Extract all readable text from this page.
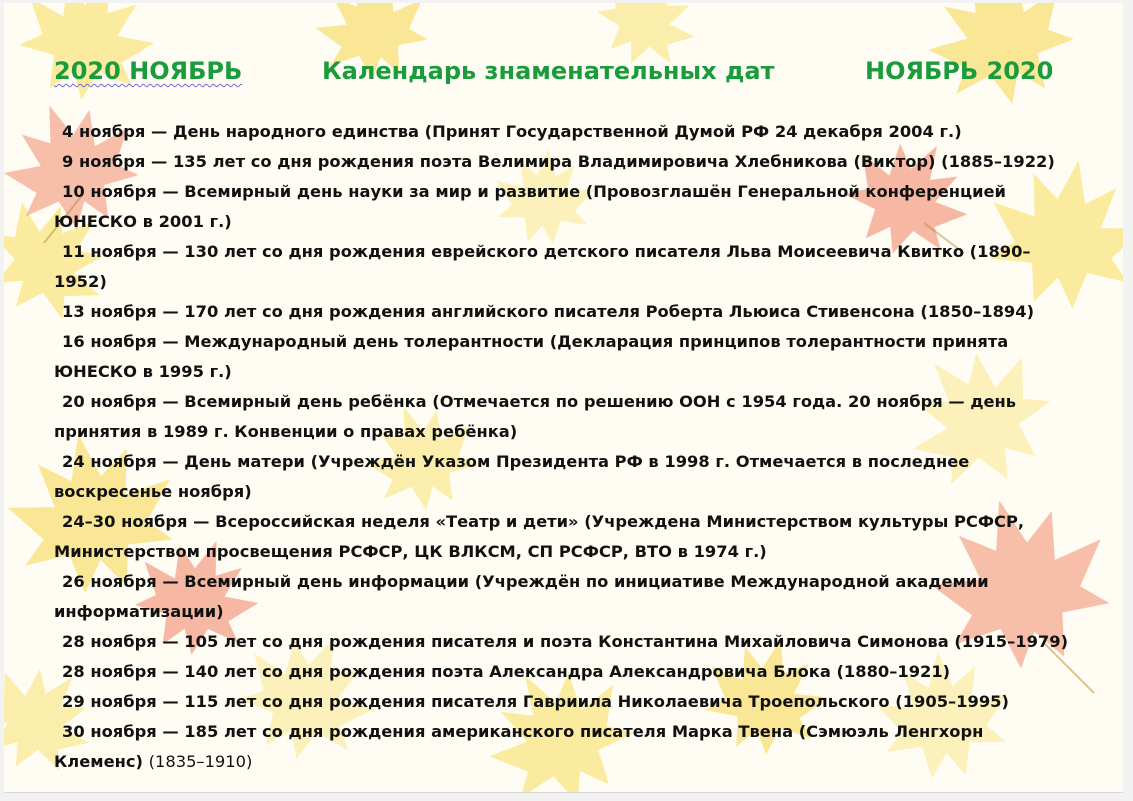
2020 НОЯБРЬ	Календарь знаменательных дат	НОЯБРЬ 2020

4 ноября — День народного единства (Принят Государственной Думой РФ 24 декабря 2004 г.)

9 ноября — 135 лет со дня рождения поэта Велимира Владимировича Хлебникова (Виктор) (1885–1922)

10 ноября — Всемирный день науки за мир и развитие (Провозглашён Генеральной конференцией ЮНЕСКО в 2001 г.)

11 ноября — 130 лет со дня рождения еврейского детского писателя Льва Моисеевича Квитко (1890–1952)

13 ноября — 170 лет со дня рождения английского писателя Роберта Льюиса Стивенсона (1850–1894)

16 ноября — Международный день толерантности (Декларация принципов толерантности принята ЮНЕСКО в 1995 г.)

20 ноября — Всемирный день ребёнка (Отмечается по решению ООН с 1954 года. 20 ноября — день принятия в 1989 г. Конвенции о правах ребёнка)

24 ноября — День матери (Учреждён Указом Президента РФ в 1998 г. Отмечается в последнее воскресенье ноября)

24–30 ноября — Всероссийская неделя «Театр и дети» (Учреждена Министерством культуры РСФСР, Министерством просвещения РСФСР, ЦК ВЛКСМ, СП РСФСР, ВТО в 1974 г.)

26 ноября — Всемирный день информации (Учреждён по инициативе Международной академии информатизации)

28 ноября — 105 лет со дня рождения писателя и поэта Константина Михайловича Симонова (1915–1979)

28 ноября — 140 лет со дня рождения поэта Александра Александровича Блока (1880–1921)

29 ноября — 115 лет со дня рождения писателя Гавриила Николаевича Троепольского (1905–1995)

30 ноября — 185 лет со дня рождения американского писателя Марка Твена (Сэмюэль Ленгхорн Клеменс) (1835–1910)
